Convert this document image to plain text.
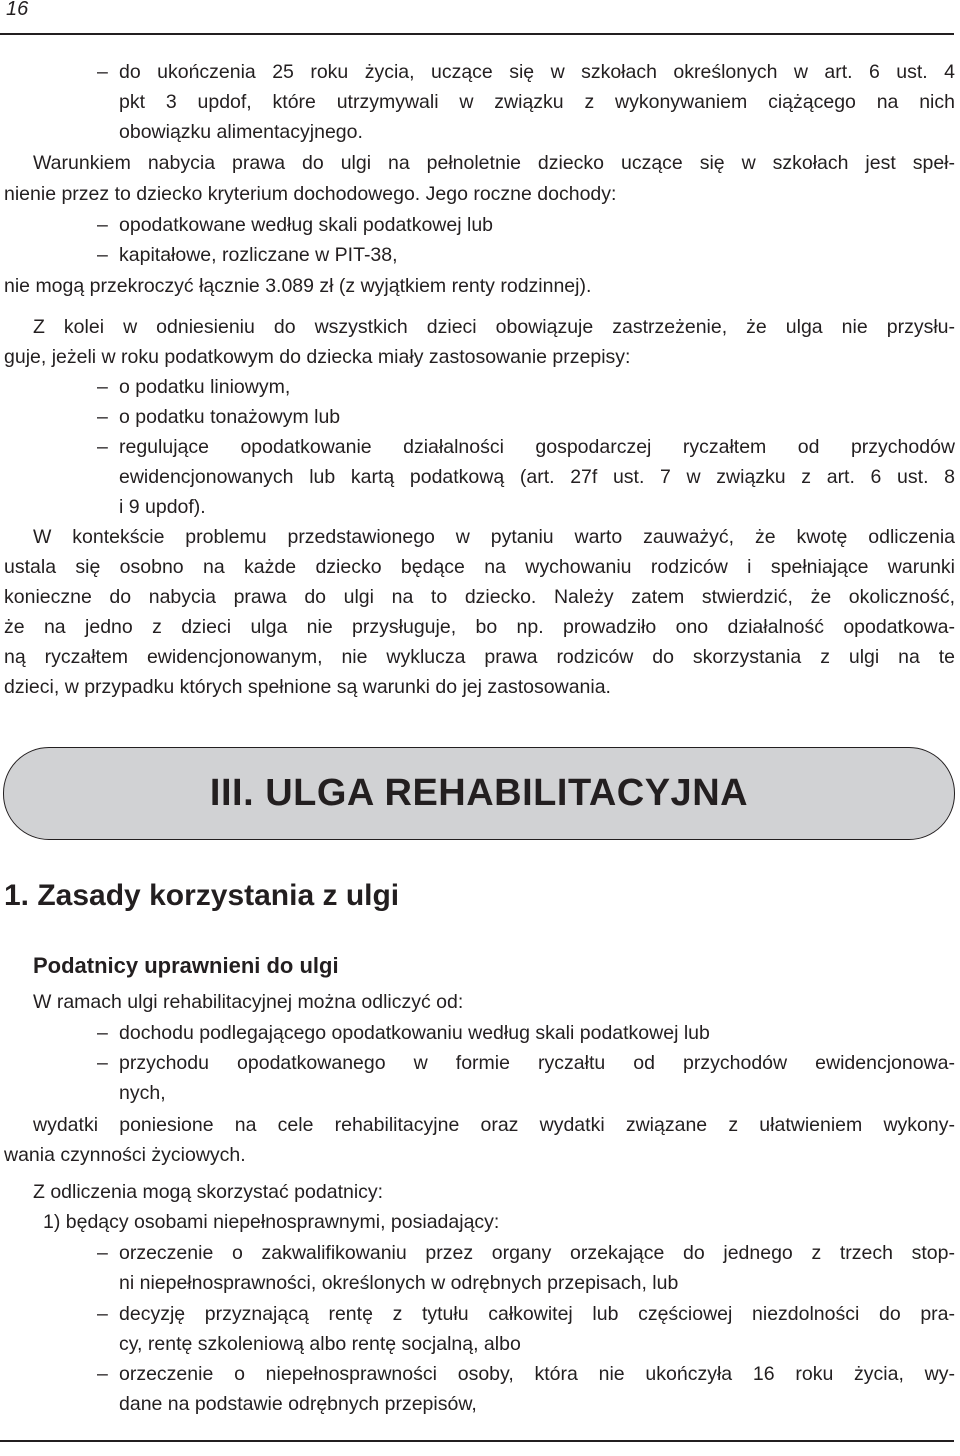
16
– do ukończenia 25 roku życia, uczące się w szkołach określonych w art. 6 ust. 4
pkt 3 updof, które utrzymywali w związku z wykonywaniem ciążącego na nich
obowiązku alimentacyjnego.
Warunkiem nabycia prawa do ulgi na pełnoletnie dziecko uczące się w szkołach jest speł-
nienie przez to dziecko kryterium dochodowego. Jego roczne dochody:
– opodatkowane według skali podatkowej lub
– kapitałowe, rozliczane w PIT-38,
nie mogą przekroczyć łącznie 3.089 zł (z wyjątkiem renty rodzinnej).
Z kolei w odniesieniu do wszystkich dzieci obowiązuje zastrzeżenie, że ulga nie przysłu-
guje, jeżeli w roku podatkowym do dziecka miały zastosowanie przepisy:
– o podatku liniowym,
– o podatku tonażowym lub
– regulujące opodatkowanie działalności gospodarczej ryczałtem od przychodów
ewidencjonowanych lub kartą podatkową (art. 27f ust. 7 w związku z art. 6 ust. 8
i 9 updof).
W kontekście problemu przedstawionego w pytaniu warto zauważyć, że kwotę odliczenia
ustala się osobno na każde dziecko będące na wychowaniu rodziców i spełniające warunki
konieczne do nabycia prawa do ulgi na to dziecko. Należy zatem stwierdzić, że okoliczność,
że na jedno z dzieci ulga nie przysługuje, bo np. prowadziło ono działalność opodatkowa-
ną ryczałtem ewidencjonowanym, nie wyklucza prawa rodziców do skorzystania z ulgi na te
dzieci, w przypadku których spełnione są warunki do jej zastosowania.
III. ULGA REHABILITACYJNA
1. Zasady korzystania z ulgi
Podatnicy uprawnieni do ulgi
W ramach ulgi rehabilitacyjnej można odliczyć od:
– dochodu podlegającego opodatkowaniu według skali podatkowej lub
– przychodu opodatkowanego w formie ryczałtu od przychodów ewidencjonowa-
nych,
wydatki poniesione na cele rehabilitacyjne oraz wydatki związane z ułatwieniem wykony-
wania czynności życiowych.
Z odliczenia mogą skorzystać podatnicy:
1) będący osobami niepełnosprawnymi, posiadający:
– orzeczenie o zakwalifikowaniu przez organy orzekające do jednego z trzech stop-
ni niepełnosprawności, określonych w odrębnych przepisach, lub
– decyzję przyznającą rentę z tytułu całkowitej lub częściowej niezdolności do pra-
cy, rentę szkoleniową albo rentę socjalną, albo
– orzeczenie o niepełnosprawności osoby, która nie ukończyła 16 roku życia, wy-
dane na podstawie odrębnych przepisów,
